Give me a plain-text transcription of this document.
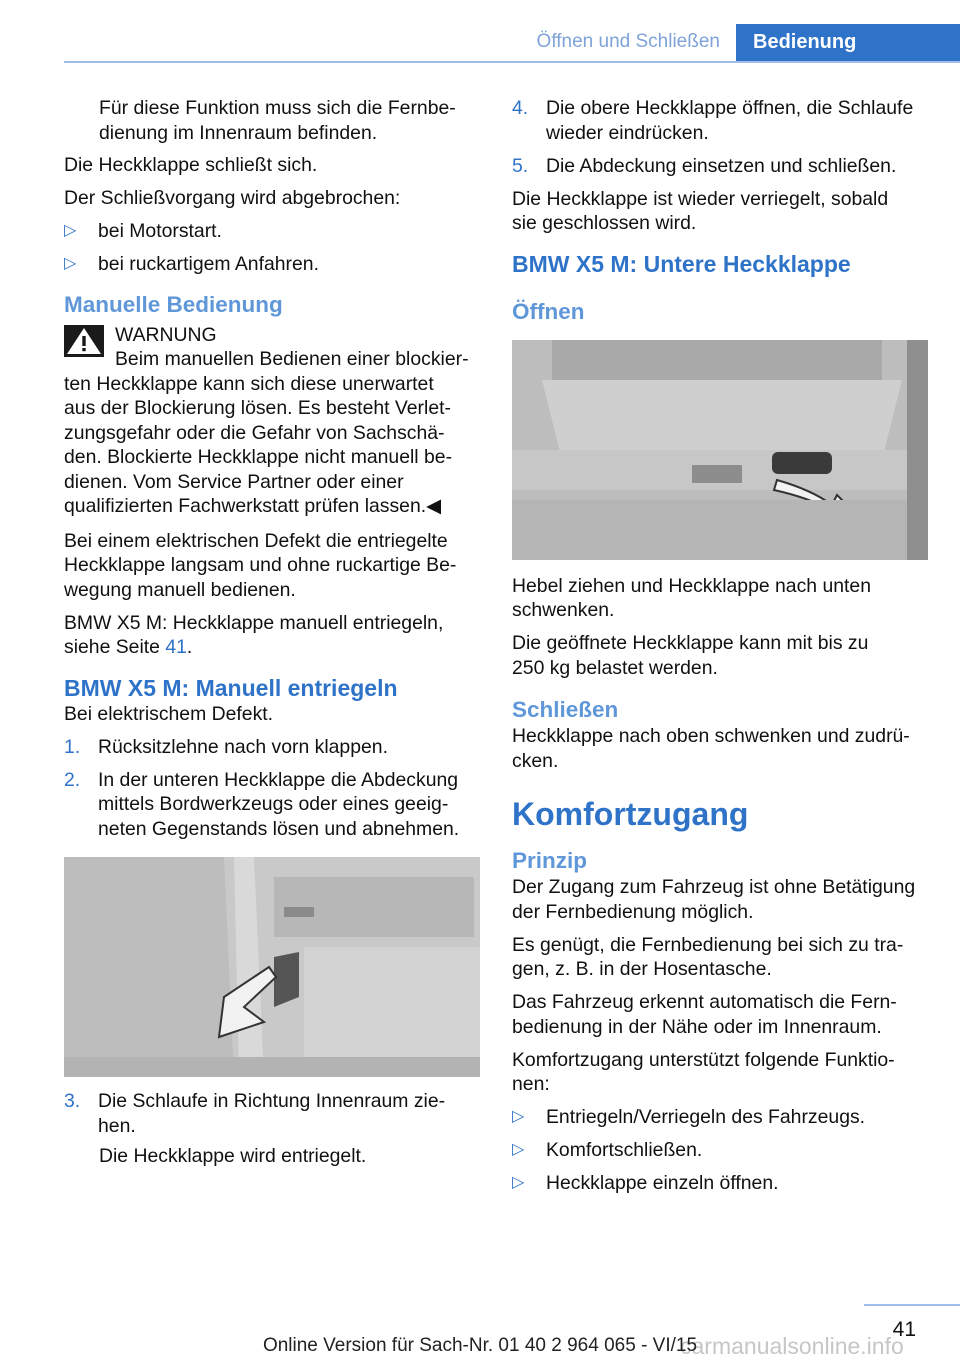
Öffnen und Schließen	Bedienung

Für diese Funktion muss sich die Fernbe-
dienung im Innenraum befinden.

Die Heckklappe schließt sich.

Der Schließvorgang wird abgebrochen:

▷	bei Motorstart.
▷	bei ruckartigem Anfahren.
Manuelle Bedienung
WARNUNG
Beim manuellen Bedienen einer blockier-
ten Heckklappe kann sich diese unerwartet
aus der Blockierung lösen. Es besteht Verlet-
zungsgefahr oder die Gefahr von Sachschä-
den. Blockierte Heckklappe nicht manuell be-
dienen. Vom Service Partner oder einer
qualifizierten Fachwerkstatt prüfen lassen.◀

Bei einem elektrischen Defekt die entriegelte
Heckklappe langsam und ohne ruckartige Be-
wegung manuell bedienen.

BMW X5 M: Heckklappe manuell entriegeln,
siehe Seite 41.

BMW X5 M: Manuell entriegeln

Bei elektrischem Defekt.

1. Rücksitzlehne nach vorn klappen.
2. In der unteren Heckklappe die Abdeckung
mittels Bordwerkzeugs oder eines geeig-
neten Gegenstands lösen und abnehmen.
3. Die Schlaufe in Richtung Innenraum zie-
hen.

Die Heckklappe wird entriegelt.

4. Die obere Heckklappe öffnen, die Schlaufe
wieder eindrücken.
5. Die Abdeckung einsetzen und schließen.

Die Heckklappe ist wieder verriegelt, sobald
sie geschlossen wird.

BMW X5 M: Untere Heckklappe
Öffnen

Hebel ziehen und Heckklappe nach unten
schwenken.

Die geöffnete Heckklappe kann mit bis zu
250 kg belastet werden.

Schließen

Heckklappe nach oben schwenken und zudrü-
cken.

Komfortzugang
Prinzip

Der Zugang zum Fahrzeug ist ohne Betätigung
der Fernbedienung möglich.

Es genügt, die Fernbedienung bei sich zu tra-
gen, z. B. in der Hosentasche.

Das Fahrzeug erkennt automatisch die Fern-
bedienung in der Nähe oder im Innenraum.

Komfortzugang unterstützt folgende Funktio-
nen:

▷	Entriegeln/Verriegeln des Fahrzeugs.
▷	Komfortschließen.
▷	Heckklappe einzeln öffnen.
41
carmanualsonline.info
Online Version für Sach-Nr. 01 40 2 964 065 - VI/15
